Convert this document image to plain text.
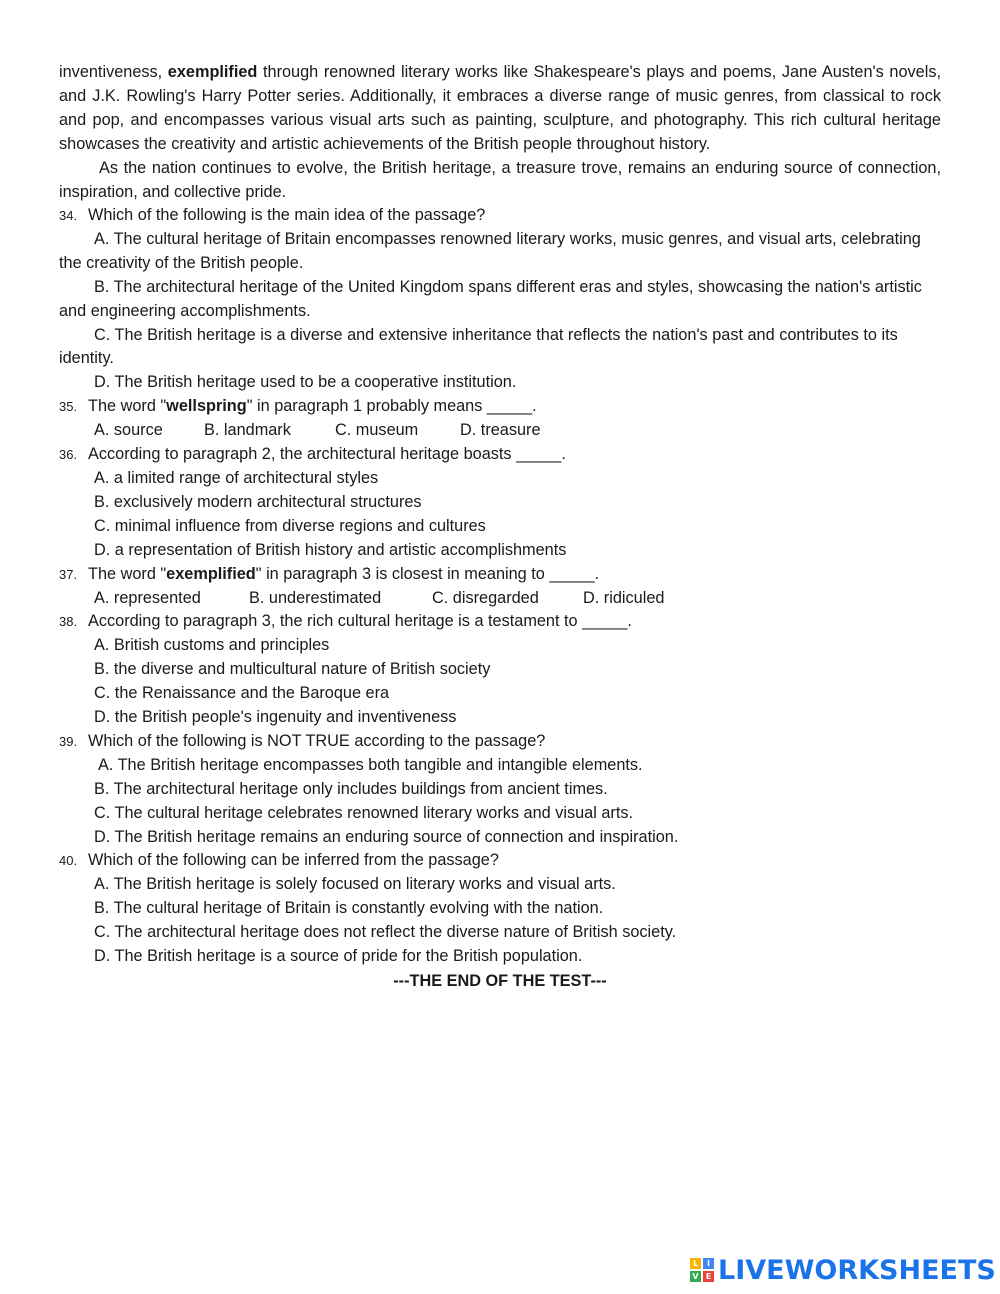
inventiveness, exemplified through renowned literary works like Shakespeare's plays and poems, Jane Austen's novels, and J.K. Rowling's Harry Potter series. Additionally, it embraces a diverse range of music genres, from classical to rock and pop, and encompasses various visual arts such as painting, sculpture, and photography. This rich cultural heritage showcases the creativity and artistic achievements of the British people throughout history.

As the nation continues to evolve, the British heritage, a treasure trove, remains an enduring source of connection, inspiration, and collective pride.

34. Which of the following is the main idea of the passage?

A. The cultural heritage of Britain encompasses renowned literary works, music genres, and visual arts, celebrating the creativity of the British people.

B. The architectural heritage of the United Kingdom spans different eras and styles, showcasing the nation's artistic and engineering accomplishments.

C. The British heritage is a diverse and extensive inheritance that reflects the nation's past and contributes to its identity.

D. The British heritage used to be a cooperative institution.

35. The word "wellspring" in paragraph 1 probably means _____.

A. source	B. landmark	C. museum	D. treasure

36. According to paragraph 2, the architectural heritage boasts _____.

A. a limited range of architectural styles

B. exclusively modern architectural structures

C. minimal influence from diverse regions and cultures

D. a representation of British history and artistic accomplishments

37. The word "exemplified" in paragraph 3 is closest in meaning to _____.

A. represented	B. underestimated	C. disregarded	D. ridiculed

38. According to paragraph 3, the rich cultural heritage is a testament to _____.

A. British customs and principles

B. the diverse and multicultural nature of British society

C. the Renaissance and the Baroque era

D. the British people's ingenuity and inventiveness

39. Which of the following is NOT TRUE according to the passage?

A. The British heritage encompasses both tangible and intangible elements.

B. The architectural heritage only includes buildings from ancient times.

C. The cultural heritage celebrates renowned literary works and visual arts.

D. The British heritage remains an enduring source of connection and inspiration.

40. Which of the following can be inferred from the passage?

A. The British heritage is solely focused on literary works and visual arts.

B. The cultural heritage of Britain is constantly evolving with the nation.

C. The architectural heritage does not reflect the diverse nature of British society.

D. The British heritage is a source of pride for the British population.

---THE END OF THE TEST---

L	I
V E LIVEWORKSHEETS
